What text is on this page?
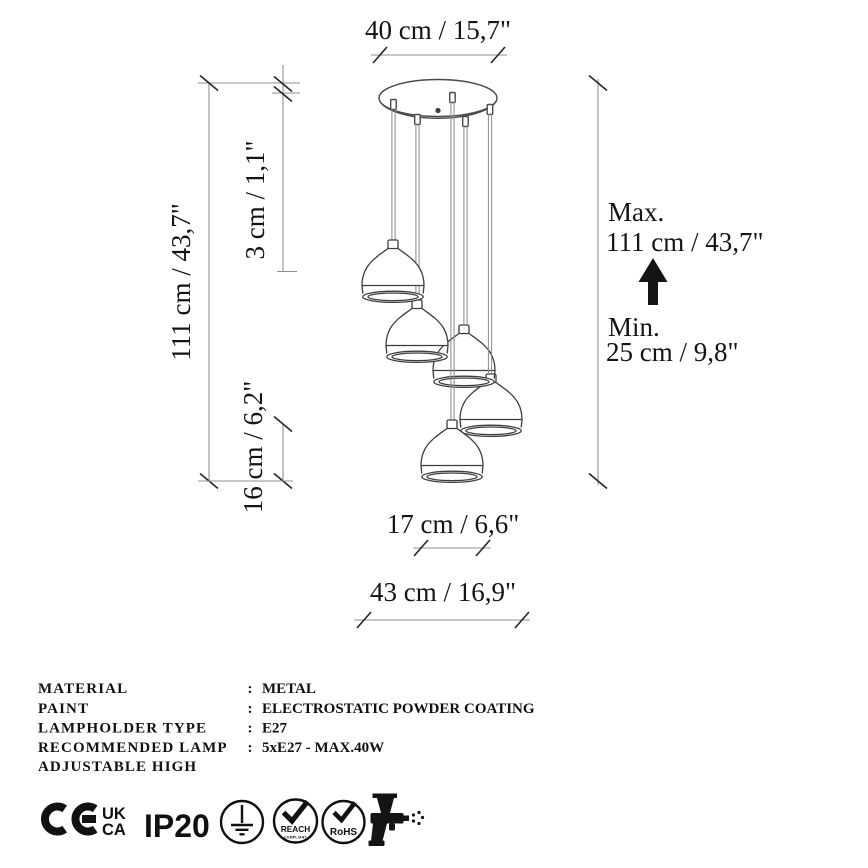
40 cm / 15,7"
111 cm / 43,7"
3 cm / 1,1"
16 cm / 6,2"
Max.
111 cm / 43,7"
Min.
25 cm / 9,8"
17 cm / 6,6"
43 cm / 16,9"
MATERIAL	: METAL
PAINT	: ELECTROSTATIC POWDER COATING
LAMPHOLDER TYPE	: E27
RECOMMENDED LAMP : 5xE27 - MAX.40W
ADJUSTABLE HIGH
UK
CA IP20	REACH
COMPLIANT RoHS
